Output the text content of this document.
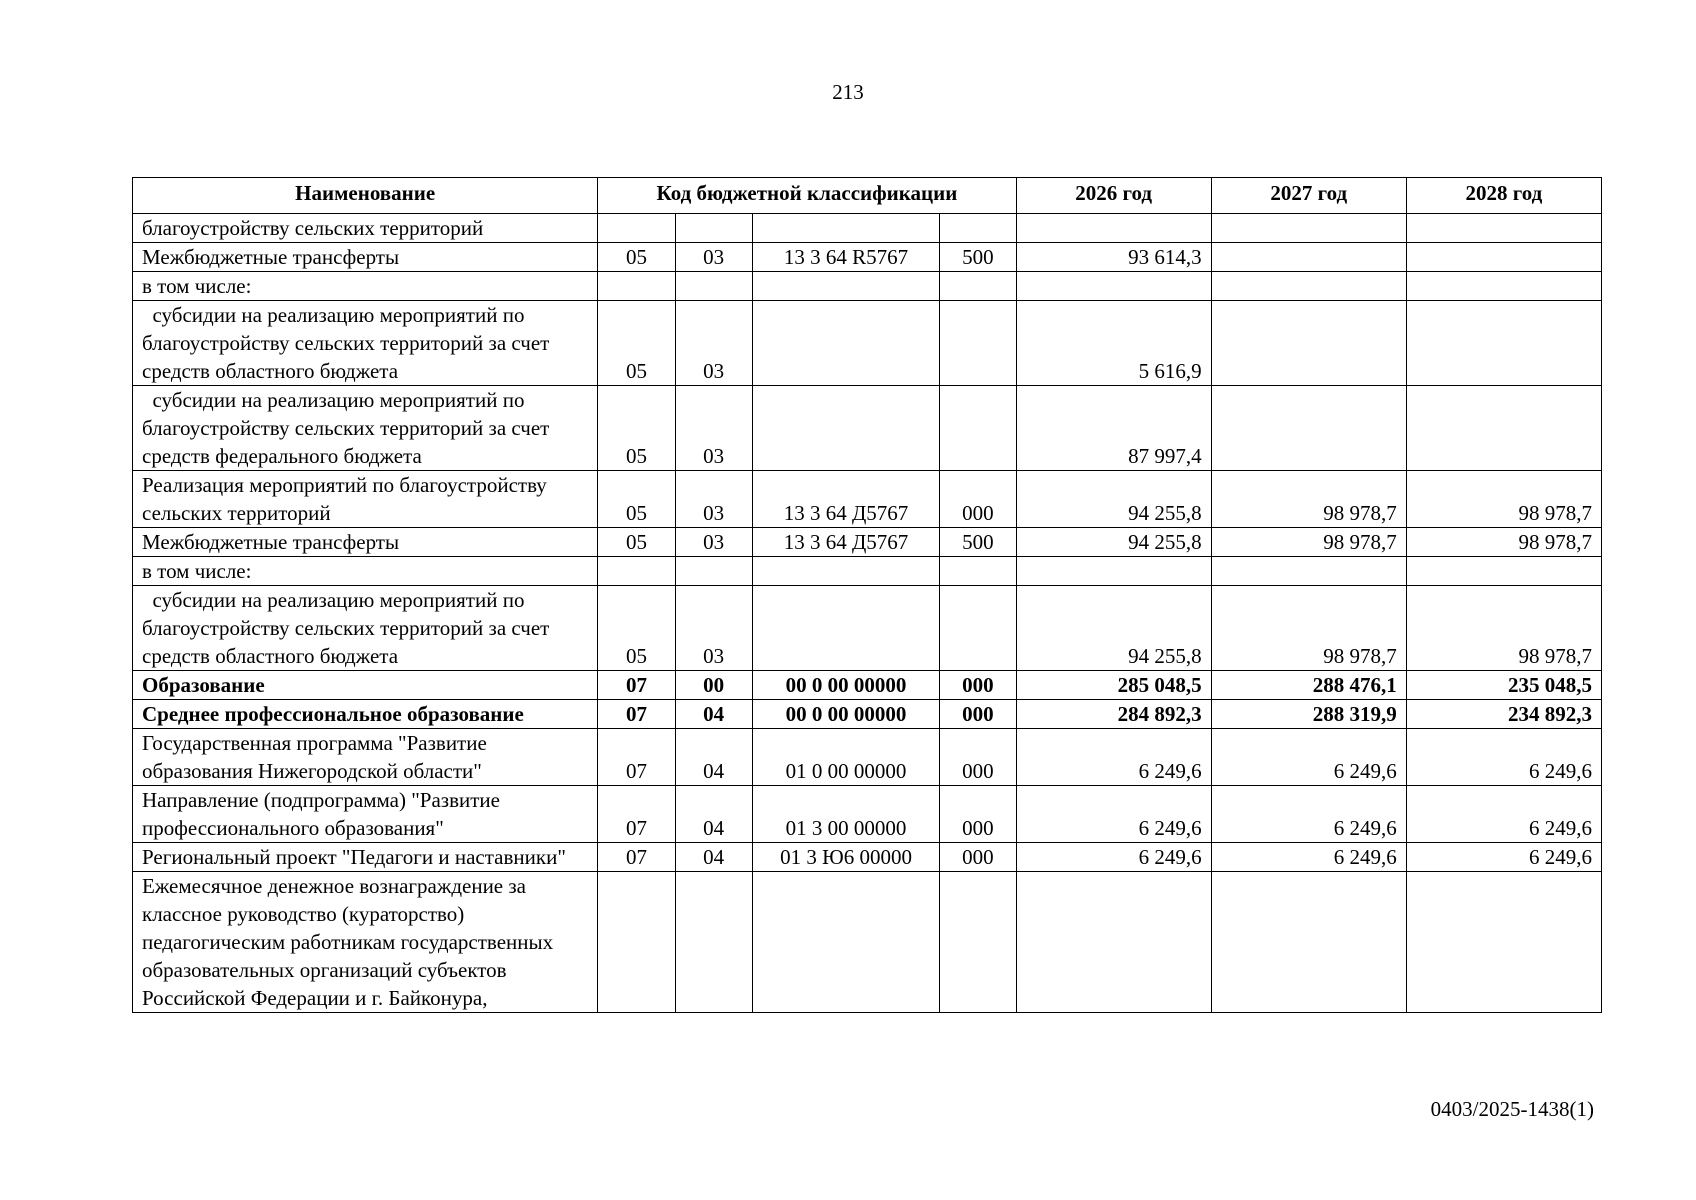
213
Наименование	Код бюджетной классификации				2026 год	2027 год	2028 год
благоустройству сельских территорий							
Межбюджетные трансферты	05	03	13 3 64 R5767	500	93 614,3		
в том числе:							
субсидии на реализацию мероприятий по благоустройству сельских территорий за счет средств областного бюджета	05	03			5 616,9		
субсидии на реализацию мероприятий по благоустройству сельских территорий за счет средств федерального бюджета	05	03			87 997,4		
Реализация мероприятий по благоустройству сельских территорий	05	03	13 3 64 Д5767	000	94 255,8	98 978,7	98 978,7
Межбюджетные трансферты	05	03	13 3 64 Д5767	500	94 255,8	98 978,7	98 978,7
в том числе:							
субсидии на реализацию мероприятий по благоустройству сельских территорий за счет средств областного бюджета	05	03			94 255,8	98 978,7	98 978,7
Образование	07	00	00 0 00 00000	000	285 048,5	288 476,1	235 048,5
Среднее профессиональное образование	07	04	00 0 00 00000	000	284 892,3	288 319,9	234 892,3
Государственная программа "Развитие образования Нижегородской области"	07	04	01 0 00 00000	000	6 249,6	6 249,6	6 249,6
Направление (подпрограмма) "Развитие профессионального образования"	07	04	01 3 00 00000	000	6 249,6	6 249,6	6 249,6
Региональный проект "Педагоги и наставники"	07	04	01 3 Ю6 00000	000	6 249,6	6 249,6	6 249,6
Ежемесячное денежное вознаграждение за классное руководство (кураторство) педагогическим работникам государственных образовательных организаций субъектов Российской Федерации и г. Байконура,							
0403/2025-1438(1)
